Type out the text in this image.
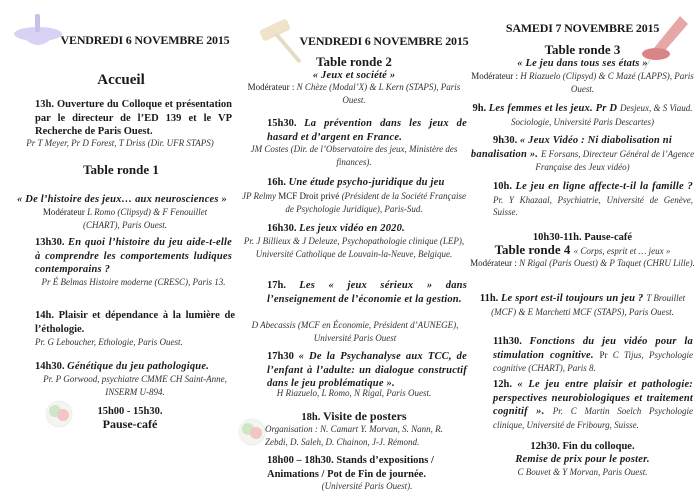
VENDREDI 6 NOVEMBRE 2015
Accueil
13h. Ouverture du Colloque et présentation par le directeur de l’ED 139 et le VP Recherche de Paris Ouest.
Pr T Meyer, Pr D Forest, T Driss (Dir. UFR STAPS)
Table ronde 1
« De l’histoire des jeux… aux neurosciences »
Modérateur L Romo (Clipsyd) & F Fenouillet (CHART), Paris Ouest.
13h30. En quoi l’histoire du jeu aide-t-elle à comprendre les comportements ludiques contemporains ?
Pr É Belmas Histoire moderne (CRESC), Paris 13.
14h. Plaisir et dépendance à la lumière de l’éthologie.
Pr. G Leboucher, Ethologie, Paris Ouest.
14h30. Génétique du jeu pathologique.
Pr. P Gorwood, psychiatre CMME CH Saint-Anne, INSERM U-894.
15h00 - 15h30.
Pause-café
VENDREDI 6 NOVEMBRE 2015
Table ronde 2
« Jeux et société »
Modérateur : N Chèze (Modal’X) & L Kern (STAPS), Paris Ouest.
15h30. La prévention dans les jeux de hasard et d’argent en France.
JM Costes (Dir. de l’Observatoire des jeux, Ministère des finances).
16h. Une étude psycho-juridique du jeu
JP Relmy MCF Droit privé (Président de la Société Française de Psychologie Juridique), Paris-Sud.
16h30. Les jeux vidéo en 2020.
Pr. J Billieux & J Deleuze, Psychopathologie clinique (LEP), Université Catholique de Louvain-la-Neuve, Belgique.
17h. Les « jeux sérieux » dans l’enseignement de l’économie et la gestion.
D Abecassis (MCF en Économie, Président d’AUNEGE), Université Paris Ouest
17h30 « De la Psychanalyse aux TCC, de l’enfant à l’adulte: un dialogue constructif dans le jeu problématique ».
H Riazuelo, L Romo, N Rigal, Paris Ouest.
18h. Visite de posters
Organisation : N. Camart Y. Morvan, S. Nann, R. Zebdi, D. Saleh, D. Chainon, J-J. Rémond.
18h00 – 18h30. Stands d’expositions / Animations / Pot de Fin de journée.
(Université Paris Ouest).
SAMEDI 7 NOVEMBRE 2015
Table ronde 3
« Le jeu dans tous ses états »
Modérateur : H Riazuelo (Clipsyd) & C Mazé (LAPPS), Paris Ouest.
9h. Les femmes et les jeux. Pr D Desjeux, & S Viaud. Sociologie, Université Paris Descartes)
9h30. « Jeux Vidéo : Ni diabolisation ni banalisation ». E Forsans, Directeur Général de l’Agence Française des Jeux vidéo)
10h. Le jeu en ligne affecte-t-il la famille ? Pr. Y Khazaal, Psychiatrie, Université de Genève, Suisse.
10h30-11h. Pause-café
Table ronde 4 « Corps, esprit et … jeux »
Modérateur : N Rigal (Paris Ouest) & P Taquet (CHRU Lille).
11h. Le sport est-il toujours un jeu ? T Brouillet (MCF) & E Marchetti MCF (STAPS), Paris Ouest.
11h30. Fonctions du jeu vidéo pour la stimulation cognitive. Pr C Tijus, Psychologie cognitive (CHART), Paris 8.
12h. « Le jeu entre plaisir et pathologie: perspectives neurobiologiques et traitement cognitif ». Pr. C Martin Soelch Psychologie clinique, Université de Fribourg, Suisse.
12h30. Fin du colloque.
Remise de prix pour le poster.
C Bouvet & Y Morvan, Paris Ouest.
